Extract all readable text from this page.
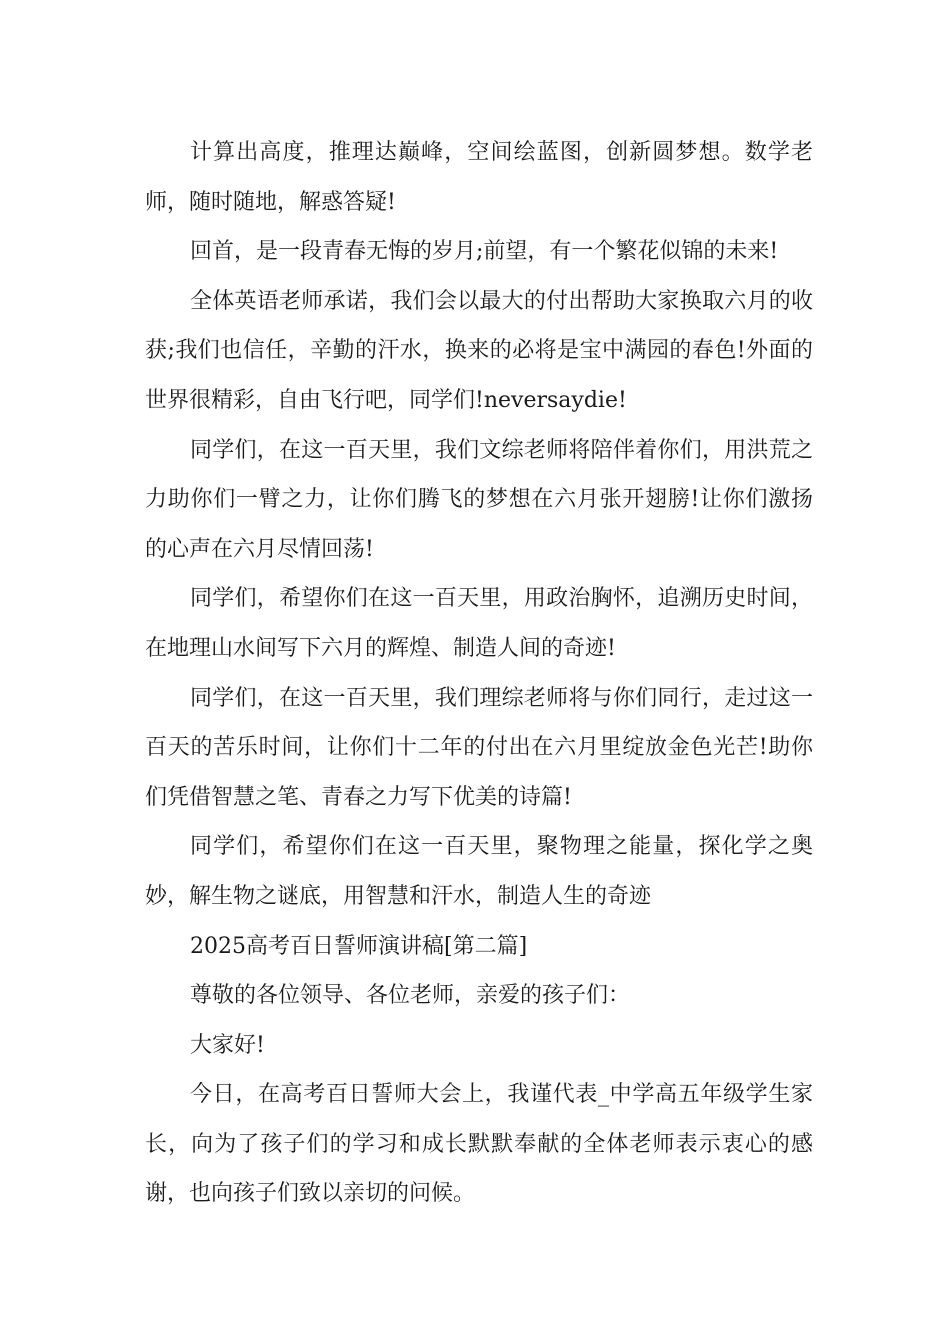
计算出高度，推理达巅峰，空间绘蓝图，创新圆梦想。数学老师，随时随地，解惑答疑!

回首，是一段青春无悔的岁月;前望，有一个繁花似锦的未来!

全体英语老师承诺，我们会以最大的付出帮助大家换取六月的收获;我们也信任，辛勤的汗水，换来的必将是宝中满园的春色!外面的世界很精彩，自由飞行吧，同学们!neversaydie!

同学们，在这一百天里，我们文综老师将陪伴着你们，用洪荒之力助你们一臂之力，让你们腾飞的梦想在六月张开翅膀!让你们激扬的心声在六月尽情回荡!

同学们，希望你们在这一百天里，用政治胸怀，追溯历史时间，在地理山水间写下六月的辉煌、制造人间的奇迹!

同学们，在这一百天里，我们理综老师将与你们同行，走过这一百天的苦乐时间，让你们十二年的付出在六月里绽放金色光芒!助你们凭借智慧之笔、青春之力写下优美的诗篇!

同学们，希望你们在这一百天里，聚物理之能量，探化学之奥妙，解生物之谜底，用智慧和汗水，制造人生的奇迹

2025高考百日誓师演讲稿[第二篇]

尊敬的各位领导、各位老师，亲爱的孩子们：

大家好!

今日，在高考百日誓师大会上，我谨代表_中学高五年级学生家长，向为了孩子们的学习和成长默默奉献的全体老师表示衷心的感谢，也向孩子们致以亲切的问候。
